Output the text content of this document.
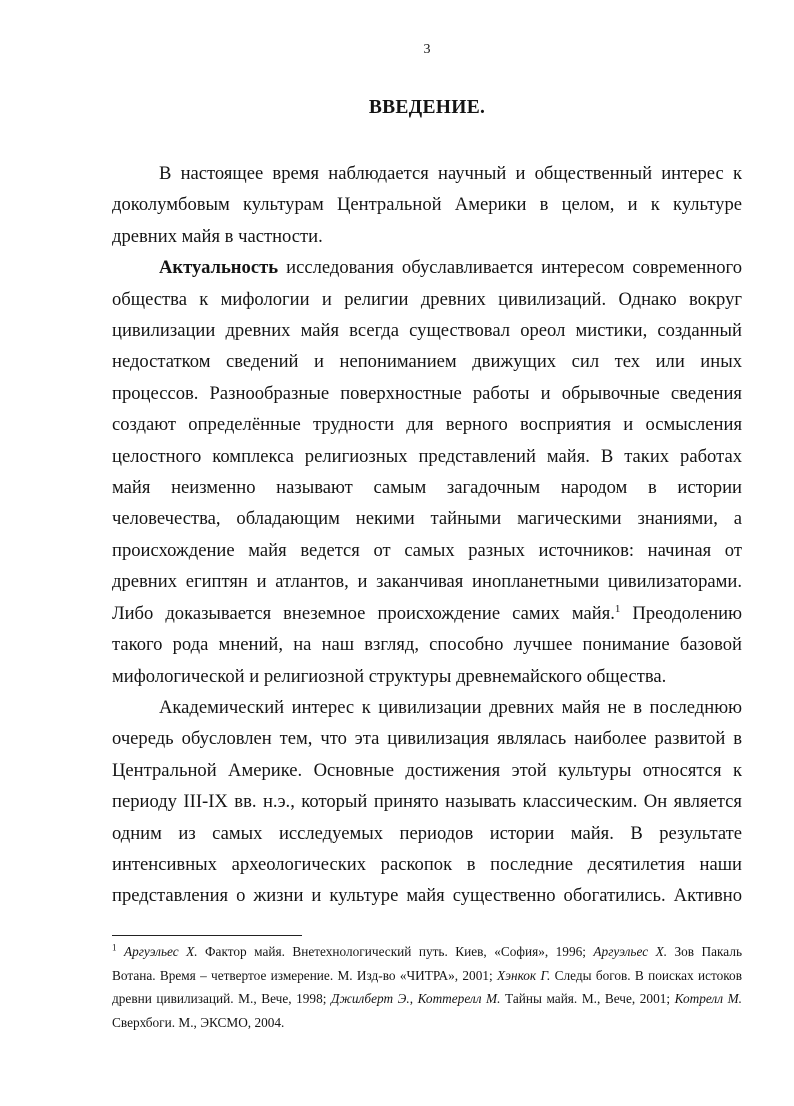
3
ВВЕДЕНИЕ.
В настоящее время наблюдается научный и общественный интерес к
доколумбовым культурам Центральной Америки в целом, и к культуре
древних майя в частности.
Актуальность исследования обуславливается интересом современного
общества к мифологии и религии древних цивилизаций. Однако вокруг
цивилизации древних майя всегда существовал ореол мистики, созданный
недостатком сведений и непониманием движущих сил тех или иных
процессов. Разнообразные поверхностные работы и обрывочные сведения
создают определённые трудности для верного восприятия и осмысления
целостного комплекса религиозных представлений майя. В таких работах
майя неизменно называют самым загадочным народом в истории
человечества, обладающим некими тайными магическими знаниями, а
происхождение майя ведется от самых разных источников: начиная от
древних египтян и атлантов, и заканчивая инопланетными цивилизаторами.
Либо доказывается внеземное происхождение самих майя.$^1$ Преодолению
такого рода мнений, на наш взгляд, способно лучшее понимание базовой
мифологической и религиозной структуры древнемайского общества.
Академический интерес к цивилизации древних майя не в последнюю
очередь обусловлен тем, что эта цивилизация являлась наиболее развитой в
Центральной Америке. Основные достижения этой культуры относятся к
периоду III-IX вв. н.э., который принято называть классическим. Он является
одним из самых исследуемых периодов истории майя. В результате
интенсивных археологических раскопок в последние десятилетия наши
представления о жизни и культуре майя существенно обогатились. Активно
$^1$ Аргуэльес Х. Фактор майя. Внетехнологический путь. Киев, «София», 1996; Аргуэльес Х. Зов Пакаль
Вотана. Время – четвертое измерение. М. Изд-во «ЧИТРА», 2001; Хэнкок Г. Следы богов. В поисках истоков
древни цивилизаций. М., Вече, 1998; Джилберт Э., Коттерелл М. Тайны майя. М., Вече, 2001; Котрелл М.
Сверхбоги. М., ЭКСМО, 2004.
